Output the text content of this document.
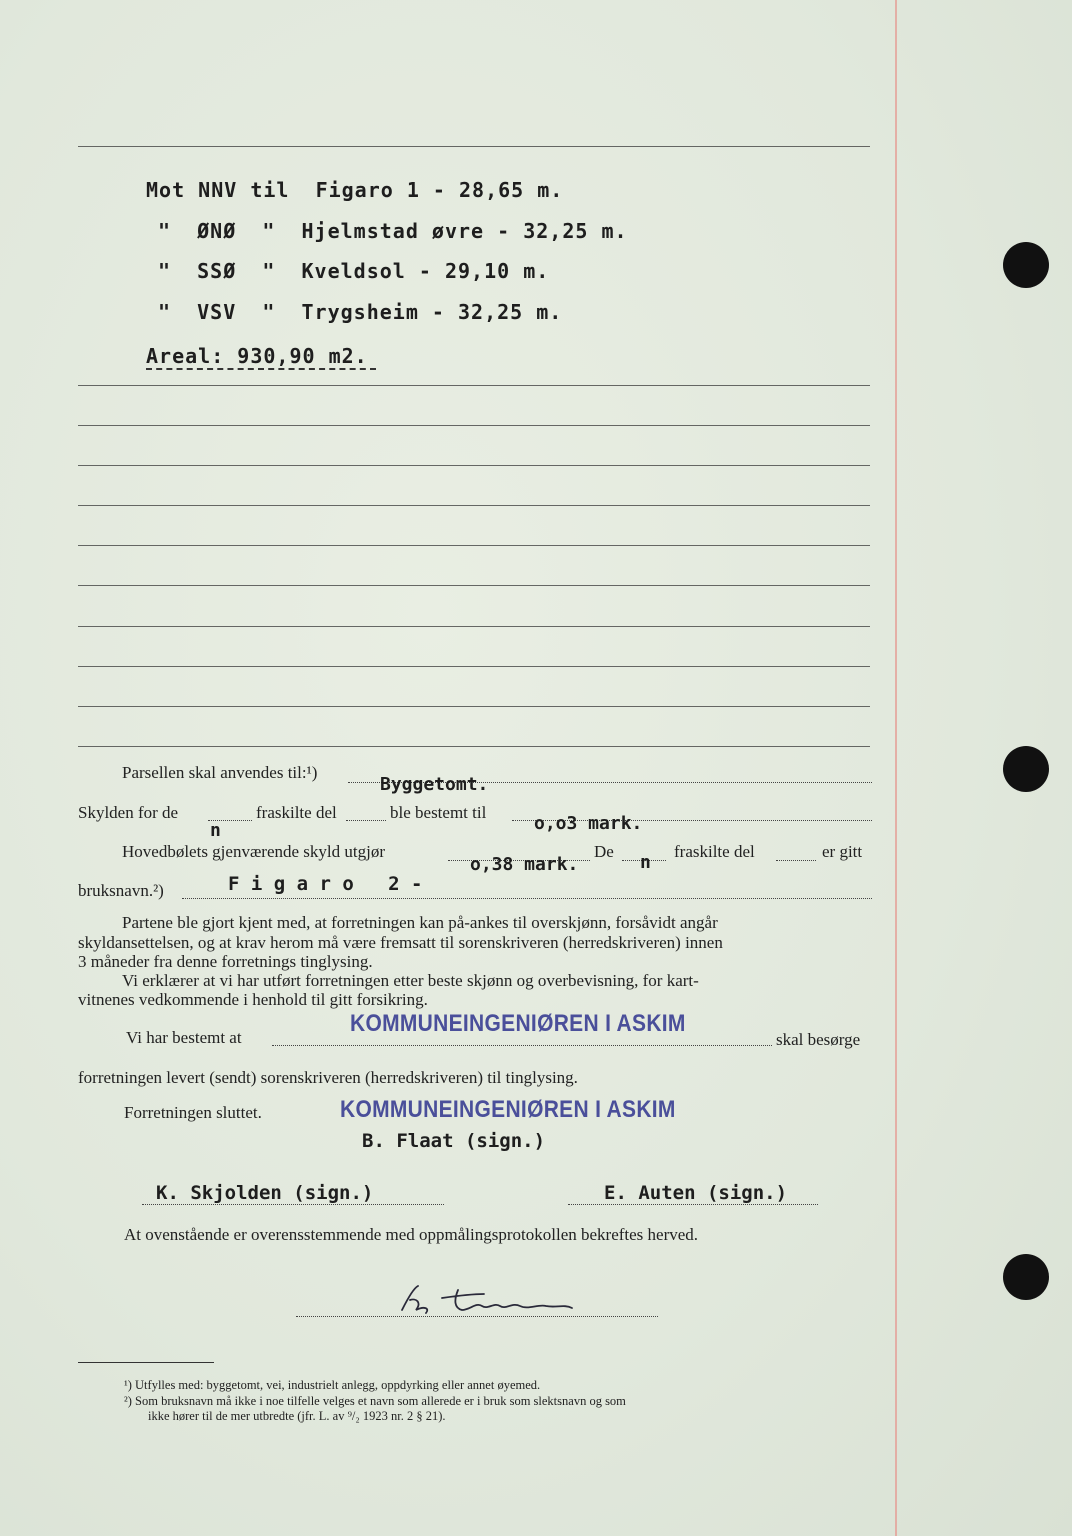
Mot NNV til Figaro 1 - 28,65 m.
" ØNØ " Hjelmstad øvre - 32,25 m.
" SSØ " Kveldsol - 29,10 m.
" VSV " Trygsheim - 32,25 m.
Areal: 930,90 m2.
Parsellen skal anvendes til:¹)
Byggetomt.
Skylden for de	fraskilte del	ble bestemt til
n	o,o3 mark.
Hovedbølets gjenværende skyld utgjør
o,38 mark.
De
n
fraskilte del	er gitt
bruksnavn.²)	F i g a r o   2 -
Partene ble gjort kjent med, at forretningen kan på-ankes til overskjønn, forsåvidt angår
skyldansettelsen, og at krav herom må være fremsatt til sorenskriveren (herredskriveren) innen
3 måneder fra denne forretnings tinglysing.
Vi erklærer at vi har utført forretningen etter beste skjønn og overbevisning, for kart-
vitnenes vedkommende i henhold til gitt forsikring.
Vi har bestemt at
KOMMUNEINGENIØREN I ASKIM
skal besørge
forretningen levert (sendt) sorenskriveren (herredskriveren) til tinglysing.
Forretningen sluttet.	KOMMUNEINGENIØREN I ASKIM
B. Flaat (sign.)
K. Skjolden (sign.)	E. Auten (sign.)
At ovenstående er overensstemmende med oppmålingsprotokollen bekreftes herved.
¹) Utfylles med: byggetomt, vei, industrielt anlegg, oppdyrking eller annet øyemed.
²) Som bruksnavn må ikke i noe tilfelle velges et navn som allerede er i bruk som slektsnavn og som
ikke hører til de mer utbredte (jfr. L. av ⁹/₂ 1923 nr. 2 § 21).
